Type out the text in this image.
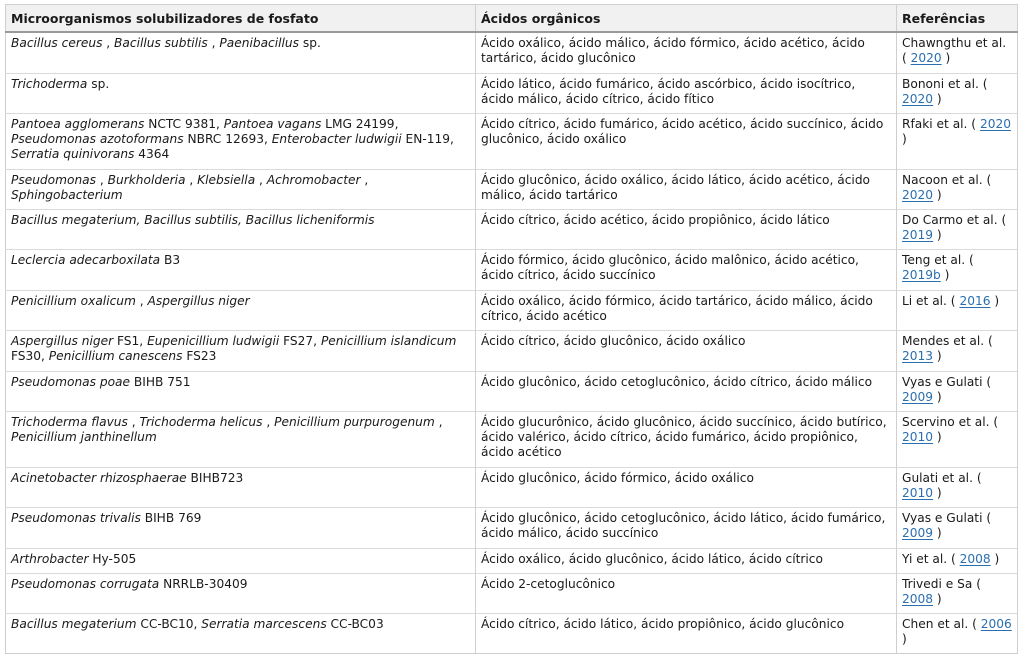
Microorganismos solubilizadores de fosfato	Ácidos orgânicos	Referências
Bacillus cereus , Bacillus subtilis , Paenibacillus sp.	Ácido oxálico, ácido málico, ácido fórmico, ácido acético, ácido tartárico, ácido glucônico	Chawngthu et al. ( 2020 )
Trichoderma sp.	Ácido lático, ácido fumárico, ácido ascórbico, ácido isocítrico, ácido málico, ácido cítrico, ácido fítico	Bononi et al. ( 2020 )
Pantoea agglomerans NCTC 9381, Pantoea vagans LMG 24199, Pseudomonas azotoformans NBRC 12693, Enterobacter ludwigii EN-119, Serratia quinivorans 4364	Ácido cítrico, ácido fumárico, ácido acético, ácido succínico, ácido glucônico, ácido oxálico	Rfaki et al. ( 2020 )
Pseudomonas , Burkholderia , Klebsiella , Achromobacter , Sphingobacterium	Ácido glucônico, ácido oxálico, ácido lático, ácido acético, ácido málico, ácido tartárico	Nacoon et al. ( 2020 )
Bacillus megaterium, Bacillus subtilis, Bacillus licheniformis	Ácido cítrico, ácido acético, ácido propiônico, ácido lático	Do Carmo et al. ( 2019 )
Leclercia adecarboxilata B3	Ácido fórmico, ácido glucônico, ácido malônico, ácido acético, ácido cítrico, ácido succínico	Teng et al. ( 2019b )
Penicillium oxalicum , Aspergillus niger	Ácido oxálico, ácido fórmico, ácido tartárico, ácido málico, ácido cítrico, ácido acético	Li et al. ( 2016 )
Aspergillus niger FS1, Eupenicillium ludwigii FS27, Penicillium islandicum FS30, Penicillium canescens FS23	Ácido cítrico, ácido glucônico, ácido oxálico	Mendes et al. ( 2013 )
Pseudomonas poae BIHB 751	Ácido glucônico, ácido cetoglucônico, ácido cítrico, ácido málico	Vyas e Gulati ( 2009 )
Trichoderma flavus , Trichoderma helicus , Penicillium purpurogenum , Penicillium janthinellum	Ácido glucurônico, ácido glucônico, ácido succínico, ácido butírico, ácido valérico, ácido cítrico, ácido fumárico, ácido propiônico, ácido acético	Scervino et al. ( 2010 )
Acinetobacter rhizosphaerae BIHB723	Ácido glucônico, ácido fórmico, ácido oxálico	Gulati et al. ( 2010 )
Pseudomonas trivalis BIHB 769	Ácido glucônico, ácido cetoglucônico, ácido lático, ácido fumárico, ácido málico, ácido succínico	Vyas e Gulati ( 2009 )
Arthrobacter Hy-505	Ácido oxálico, ácido glucônico, ácido lático, ácido cítrico	Yi et al. ( 2008 )
Pseudomonas corrugata NRRLB-30409	Ácido 2-cetoglucônico	Trivedi e Sa ( 2008 )
Bacillus megaterium CC-BC10, Serratia marcescens CC-BC03	Ácido cítrico, ácido lático, ácido propiônico, ácido glucônico	Chen et al. ( 2006 )
